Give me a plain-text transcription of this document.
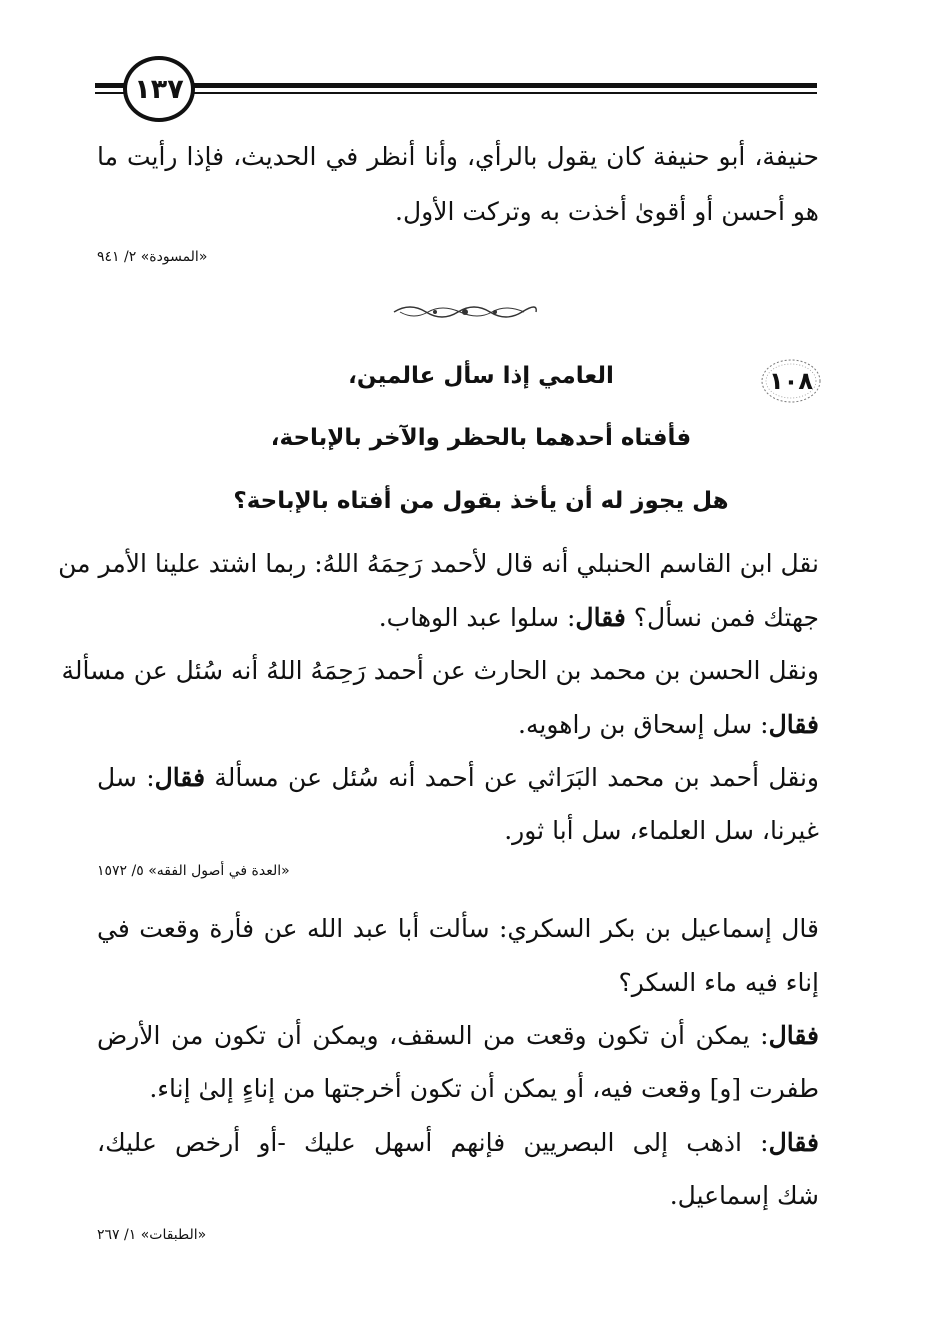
١٣٧
حنيفة، أبو حنيفة كان يقول بالرأي، وأنا أنظر في الحديث، فإذا رأيت ما
هو أحسن أو أقوىٰ أخذت به وتركت الأول.
«المسودة» ٢/ ٩٤١
١٠٨
العامي إذا سأل عالمين،
فأفتاه أحدهما بالحظر والآخر بالإباحة،
هل يجوز له أن يأخذ بقول من أفتاه بالإباحة؟
نقل ابن القاسم الحنبلي أنه قال لأحمد رَحِمَهُ اللهُ: ربما اشتد علينا الأمر من
جهتك فمن نسأل؟ فقال: سلوا عبد الوهاب.
ونقل الحسن بن محمد بن الحارث عن أحمد رَحِمَهُ اللهُ أنه سُئل عن مسألة
فقال: سل إسحاق بن راهويه.
ونقل أحمد بن محمد البَرَاثي عن أحمد أنه سُئل عن مسألة فقال: سل
غيرنا، سل العلماء، سل أبا ثور.
«العدة في أصول الفقه» ٥/ ١٥٧٢
قال إسماعيل بن بكر السكري: سألت أبا عبد الله عن فأرة وقعت في
إناء فيه ماء السكر؟
فقال: يمكن أن تكون وقعت من السقف، ويمكن أن تكون من الأرض
طفرت [و] وقعت فيه، أو يمكن أن تكون أخرجتها من إناءٍ إلىٰ إناء.
فقال: اذهب إلى البصريين فإنهم أسهل عليك -أو أرخص عليك،
شك إسماعيل.
«الطبقات» ١/ ٢٦٧
